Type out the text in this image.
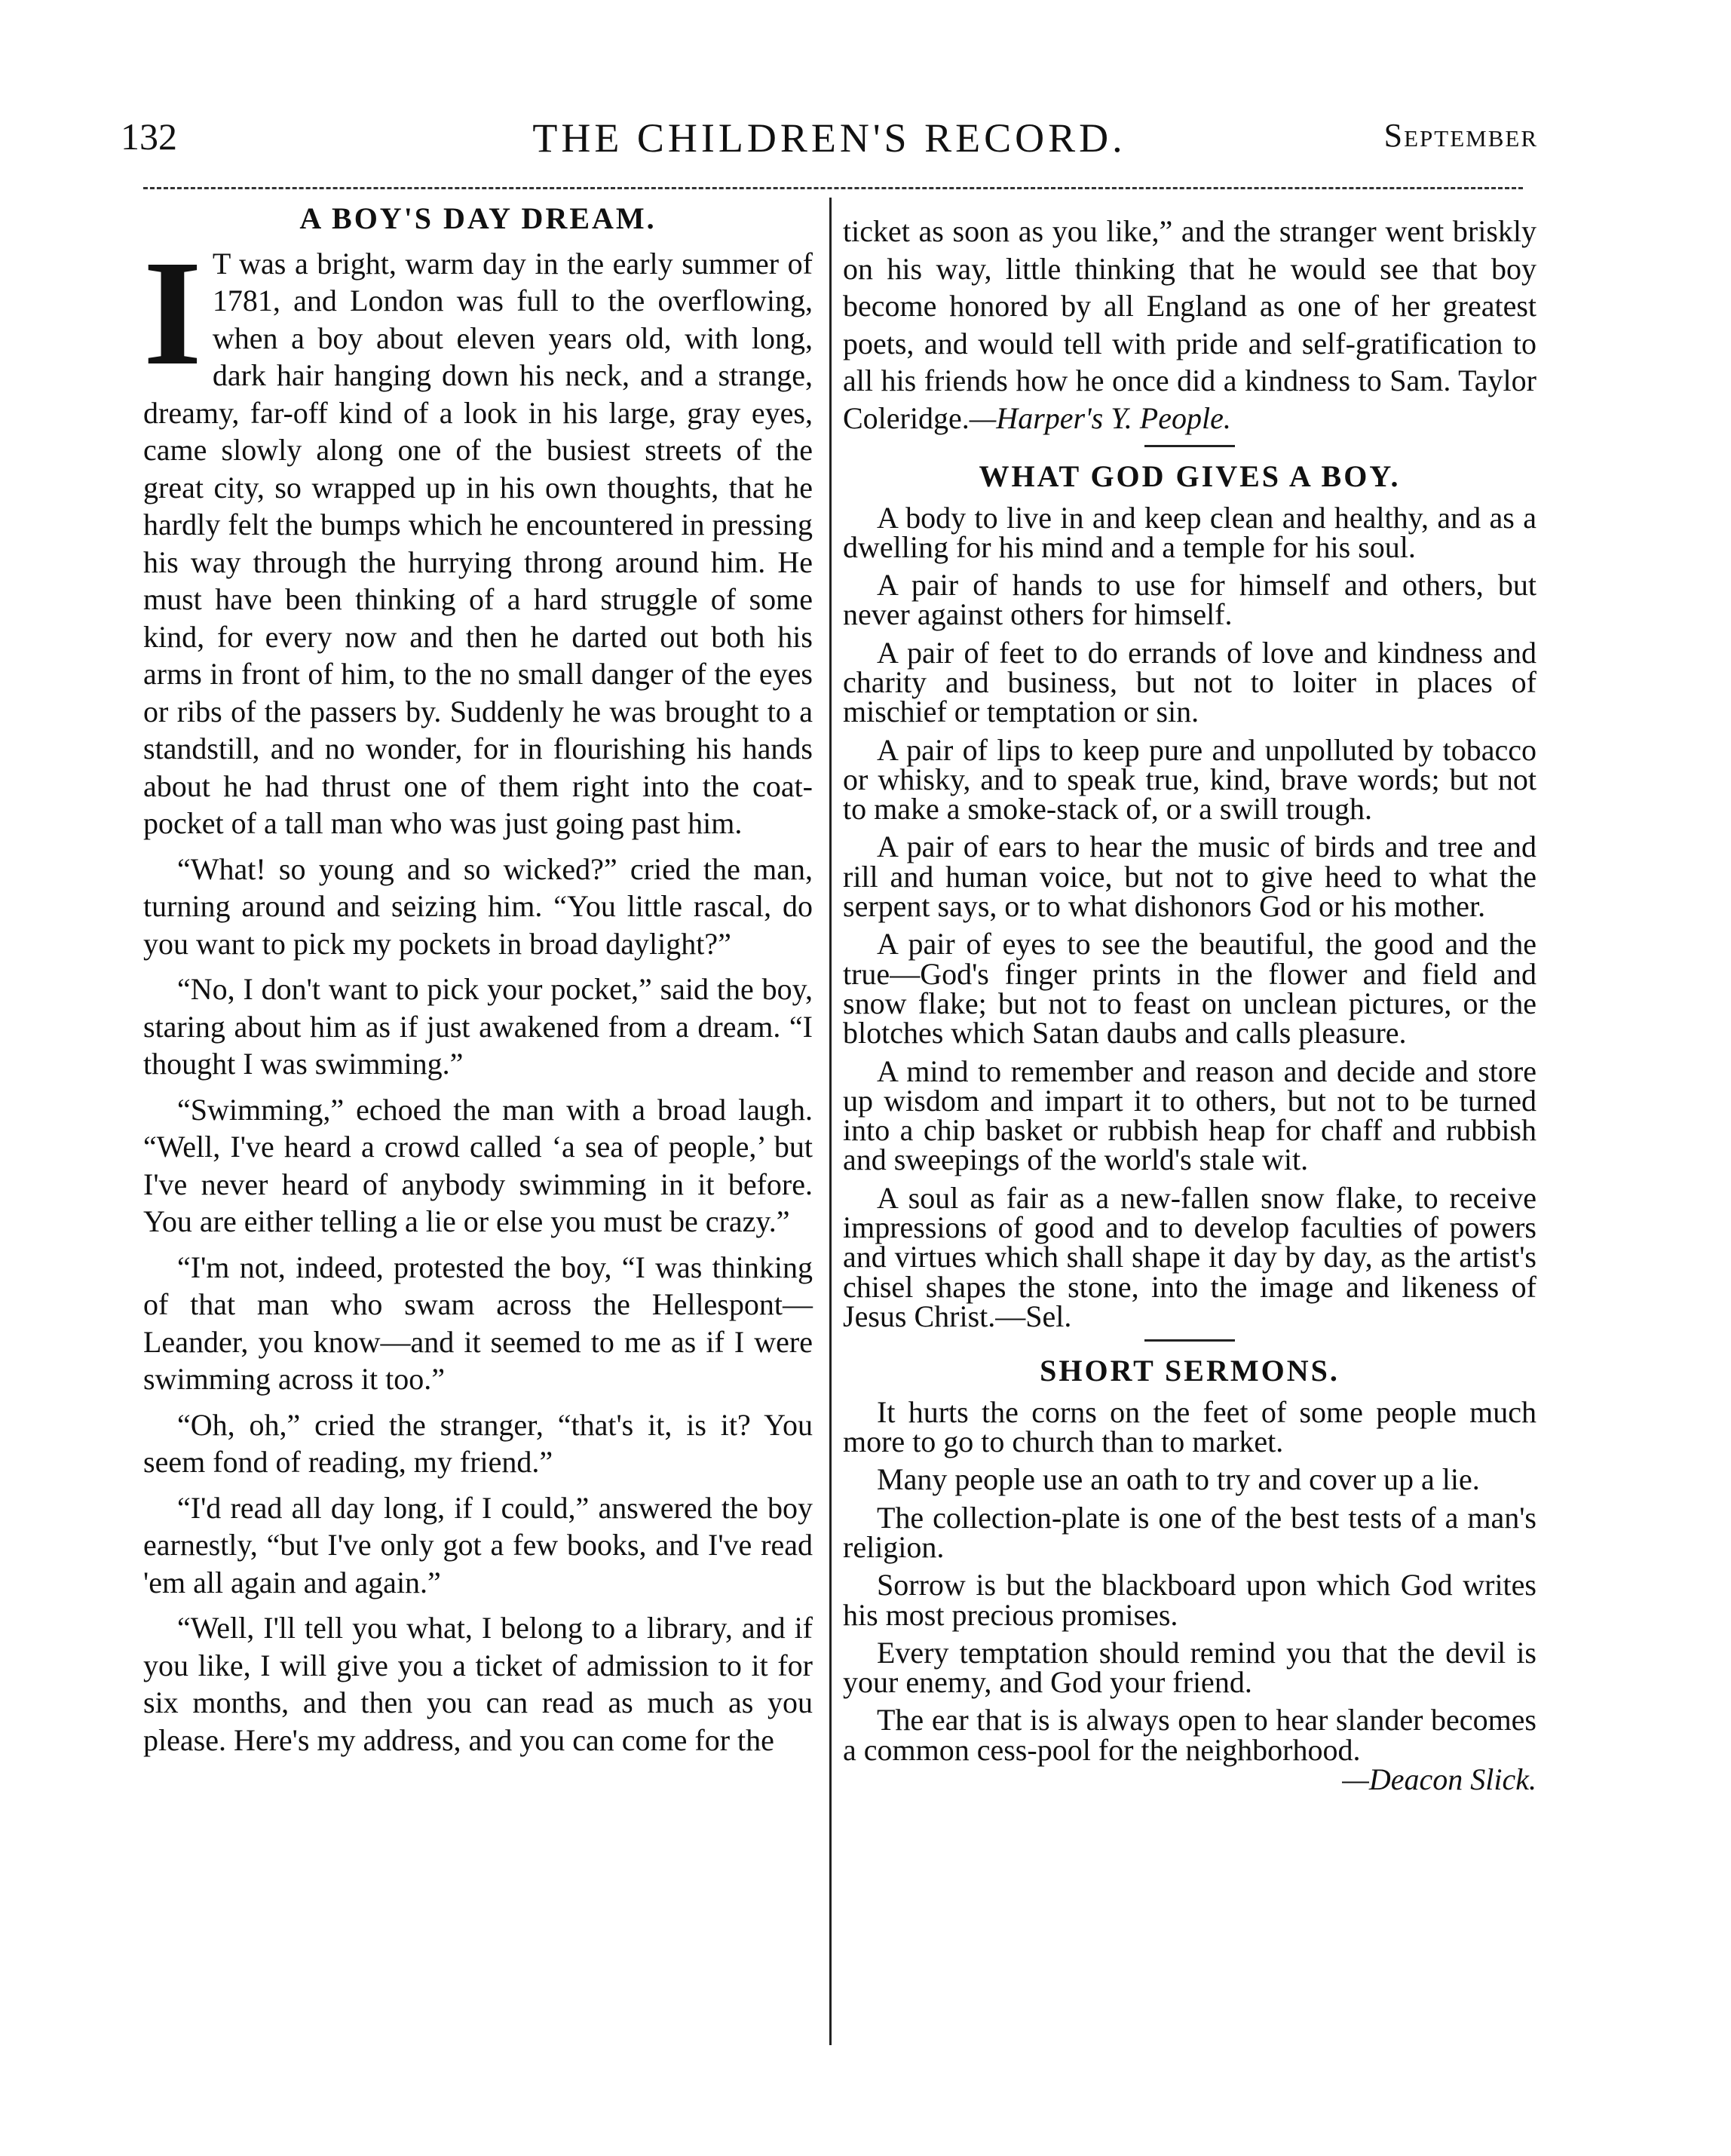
132	THE CHILDREN'S RECORD.	September
A BOY'S DAY DREAM.

I T was a bright, warm day in the early summer of 1781, and London was full to the overflowing, when a boy about eleven years old, with long, dark hair hanging down his neck, and a strange, dreamy, far-off kind of a look in his large, gray eyes, came slowly along one of the busiest streets of the great city, so wrapped up in his own thoughts, that he hardly felt the bumps which he encountered in pressing his way through the hurrying throng around him. He must have been thinking of a hard struggle of some kind, for every now and then he darted out both his arms in front of him, to the no small danger of the eyes or ribs of the passers by. Suddenly he was brought to a standstill, and no wonder, for in flourishing his hands about he had thrust one of them right into the coat-pocket of a tall man who was just going past him.

“What! so young and so wicked?” cried the man, turning around and seizing him. “You little rascal, do you want to pick my pockets in broad daylight?”

“No, I don't want to pick your pocket,” said the boy, staring about him as if just awakened from a dream. “I thought I was swimming.”

“Swimming,” echoed the man with a broad laugh. “Well, I've heard a crowd called ‘a sea of people,’ but I've never heard of anybody swimming in it before. You are either telling a lie or else you must be crazy.”

“I'm not, indeed, protested the boy, “I was thinking of that man who swam across the Hellespont—Leander, you know—and it seemed to me as if I were swimming across it too.”

“Oh, oh,” cried the stranger, “that's it, is it? You seem fond of reading, my friend.”

“I'd read all day long, if I could,” answered the boy earnestly, “but I've only got a few books, and I've read 'em all again and again.”

“Well, I'll tell you what, I belong to a library, and if you like, I will give you a ticket of admission to it for six months, and then you can read as much as you please. Here's my address, and you can come for the

ticket as soon as you like,” and the stranger went briskly on his way, little thinking that he would see that boy become honored by all England as one of her greatest poets, and would tell with pride and self-gratification to all his friends how he once did a kindness to Sam. Taylor Coleridge.—Harper's Y. People.

WHAT GOD GIVES A BOY.

A body to live in and keep clean and healthy, and as a dwelling for his mind and a temple for his soul.

A pair of hands to use for himself and others, but never against others for himself.

A pair of feet to do errands of love and kindness and charity and business, but not to loiter in places of mischief or temptation or sin.

A pair of lips to keep pure and unpolluted by tobacco or whisky, and to speak true, kind, brave words; but not to make a smoke-stack of, or a swill trough.

A pair of ears to hear the music of birds and tree and rill and human voice, but not to give heed to what the serpent says, or to what dishonors God or his mother.

A pair of eyes to see the beautiful, the good and the true—God's finger prints in the flower and field and snow flake; but not to feast on unclean pictures, or the blotches which Satan daubs and calls pleasure.

A mind to remember and reason and decide and store up wisdom and impart it to others, but not to be turned into a chip basket or rubbish heap for chaff and rubbish and sweepings of the world's stale wit.

A soul as fair as a new-fallen snow flake, to receive impressions of good and to develop faculties of powers and virtues which shall shape it day by day, as the artist's chisel shapes the stone, into the image and likeness of Jesus Christ.—Sel.

SHORT SERMONS.

It hurts the corns on the feet of some people much more to go to church than to market.

Many people use an oath to try and cover up a lie.

The collection-plate is one of the best tests of a man's religion.

Sorrow is but the blackboard upon which God writes his most precious promises.

Every temptation should remind you that the devil is your enemy, and God your friend.

The ear that is is always open to hear slander becomes a common cess-pool for the neighborhood.
—Deacon Slick.
